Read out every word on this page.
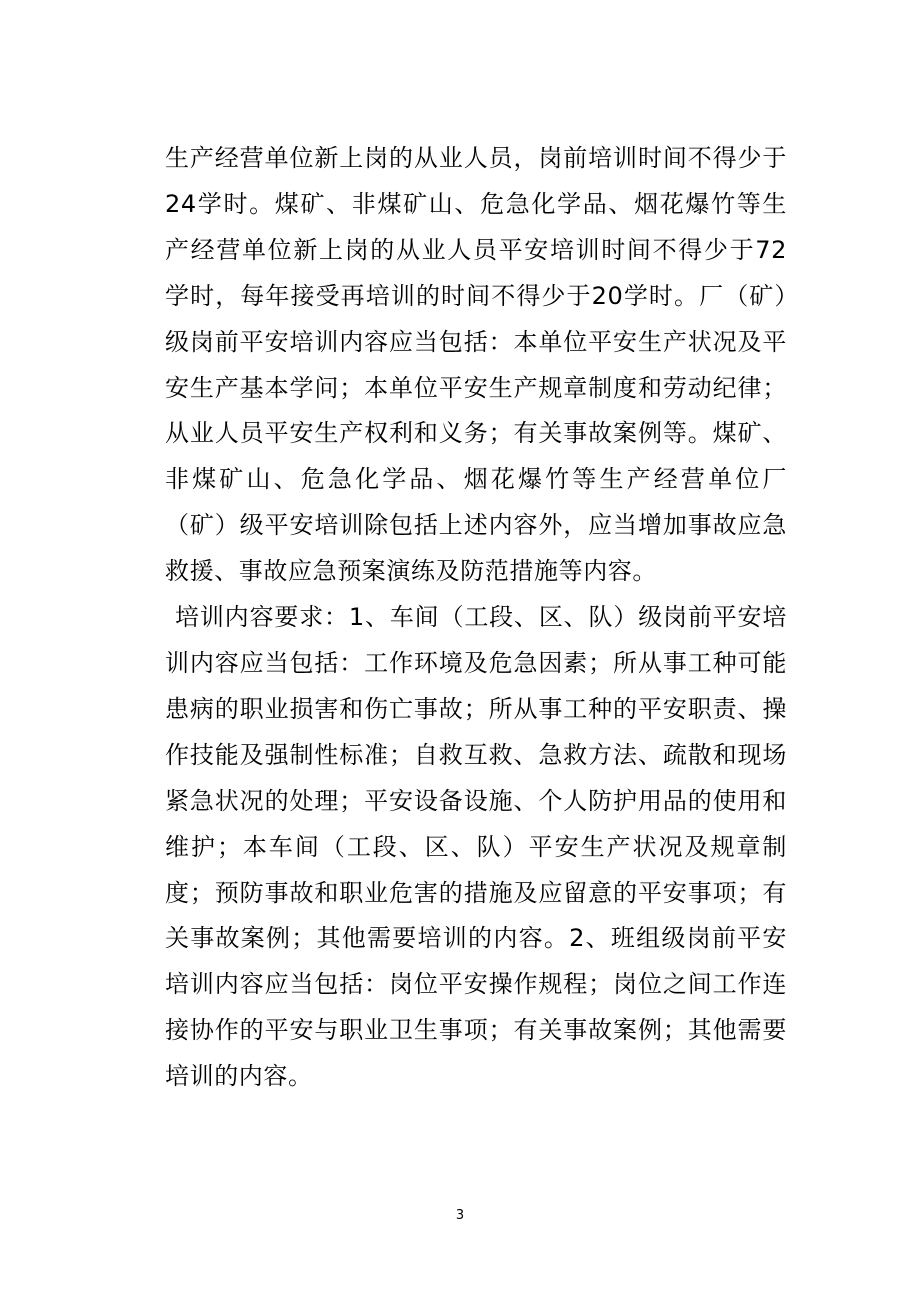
生产经营单位新上岗的从业人员，岗前培训时间不得少于24学时。煤矿、非煤矿山、危急化学品、烟花爆竹等生产经营单位新上岗的从业人员平安培训时间不得少于72学时，每年接受再培训的时间不得少于20学时。厂（矿）级岗前平安培训内容应当包括：本单位平安生产状况及平安生产基本学问；本单位平安生产规章制度和劳动纪律；从业人员平安生产权利和义务；有关事故案例等。煤矿、非煤矿山、危急化学品、烟花爆竹等生产经营单位厂（矿）级平安培训除包括上述内容外，应当增加事故应急救援、事故应急预案演练及防范措施等内容。

培训内容要求：1、车间（工段、区、队）级岗前平安培训内容应当包括：工作环境及危急因素；所从事工种可能患病的职业损害和伤亡事故；所从事工种的平安职责、操作技能及强制性标准；自救互救、急救方法、疏散和现场紧急状况的处理；平安设备设施、个人防护用品的使用和维护；本车间（工段、区、队）平安生产状况及规章制度；预防事故和职业危害的措施及应留意的平安事项；有关事故案例；其他需要培训的内容。2、班组级岗前平安培训内容应当包括：岗位平安操作规程；岗位之间工作连接协作的平安与职业卫生事项；有关事故案例；其他需要培训的内容。

3
